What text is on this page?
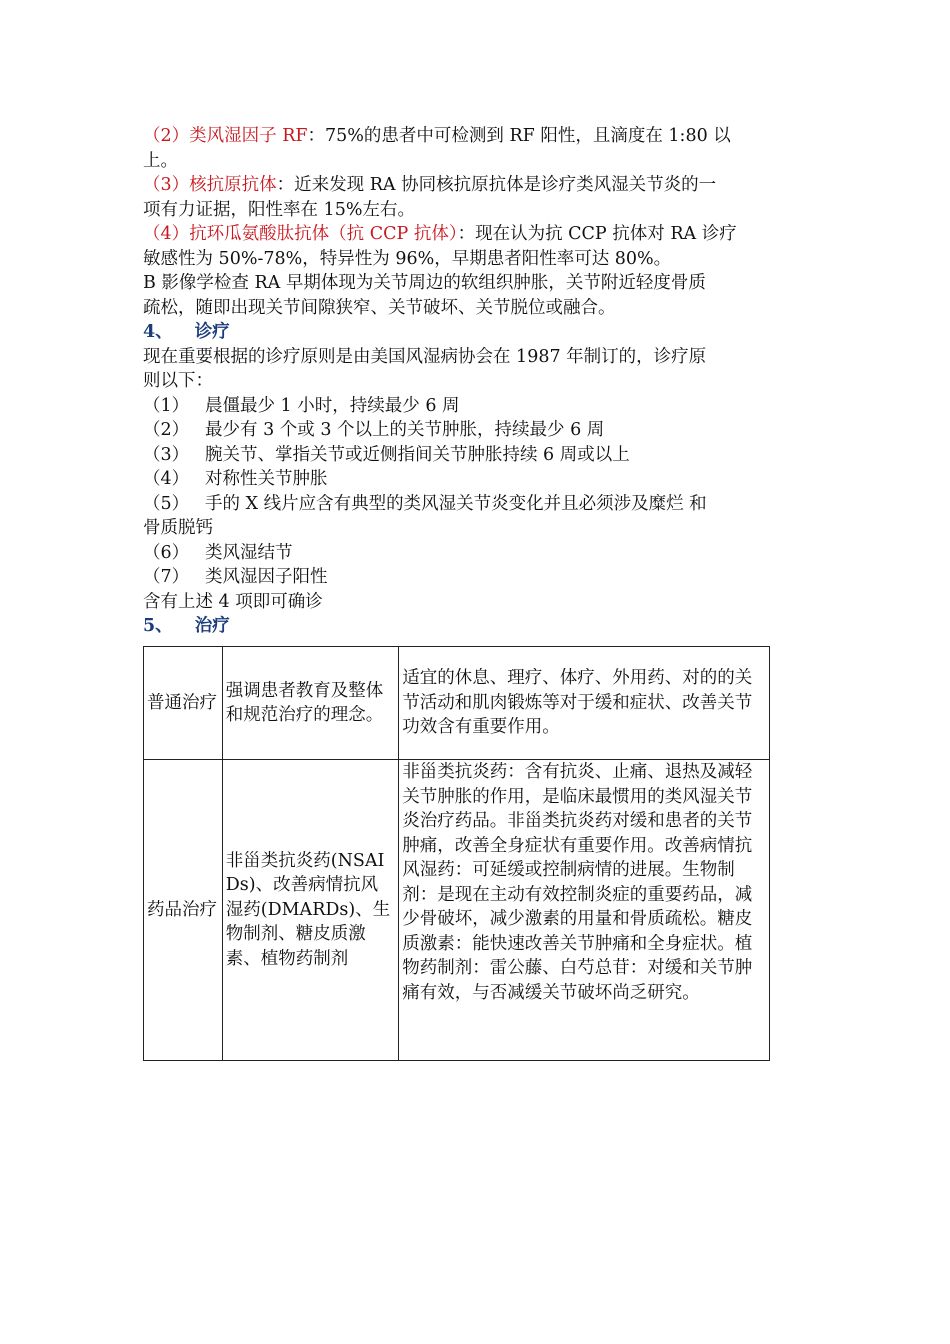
（2）类风湿因子 RF：75%的患者中可检测到 RF 阳性，且滴度在 1:80 以
上。
（3）核抗原抗体：近来发现 RA 协同核抗原抗体是诊疗类风湿关节炎的一
项有力证据，阳性率在 15%左右。
（4）抗环瓜氨酸肽抗体（抗 CCP 抗体）：现在认为抗 CCP 抗体对 RA 诊疗
敏感性为 50%-78%，特异性为 96%，早期患者阳性率可达 80%。
B 影像学检查 RA 早期体现为关节周边的软组织肿胀，关节附近轻度骨质
疏松，随即出现关节间隙狭窄、关节破坏、关节脱位或融合。
4、 诊疗
现在重要根据的诊疗原则是由美国风湿病协会在 1987 年制订的，诊疗原
则以下：
（1） 晨僵最少 1 小时，持续最少 6 周
（2） 最少有 3 个或 3 个以上的关节肿胀，持续最少 6 周
（3） 腕关节、掌指关节或近侧指间关节肿胀持续 6 周或以上
（4） 对称性关节肿胀
（5） 手的 X 线片应含有典型的类风湿关节炎变化并且必须涉及糜烂 和
骨质脱钙
（6） 类风湿结节
（7） 类风湿因子阳性
含有上述 4 项即可确诊
5、 治疗
普通治疗	强调患者教育及整体和规范治疗的理念。	适宜的休息、理疗、体疗、外用药、对的的关节活动和肌肉锻炼等对于缓和症状、改善关节功效含有重要作用。
药品治疗	非甾类抗炎药(NSAIDs)、改善病情抗风湿药(DMARDs)、生物制剂、糖皮质激素、植物药制剂	非甾类抗炎药：含有抗炎、止痛、退热及减轻关节肿胀的作用，是临床最惯用的类风湿关节炎治疗药品。非甾类抗炎药对缓和患者的关节肿痛，改善全身症状有重要作用。改善病情抗风湿药：可延缓或控制病情的进展。生物制剂：是现在主动有效控制炎症的重要药品，减少骨破坏，减少激素的用量和骨质疏松。糖皮质激素：能快速改善关节肿痛和全身症状。植物药制剂：雷公藤、白芍总苷：对缓和关节肿痛有效，与否减缓关节破坏尚乏研究。
